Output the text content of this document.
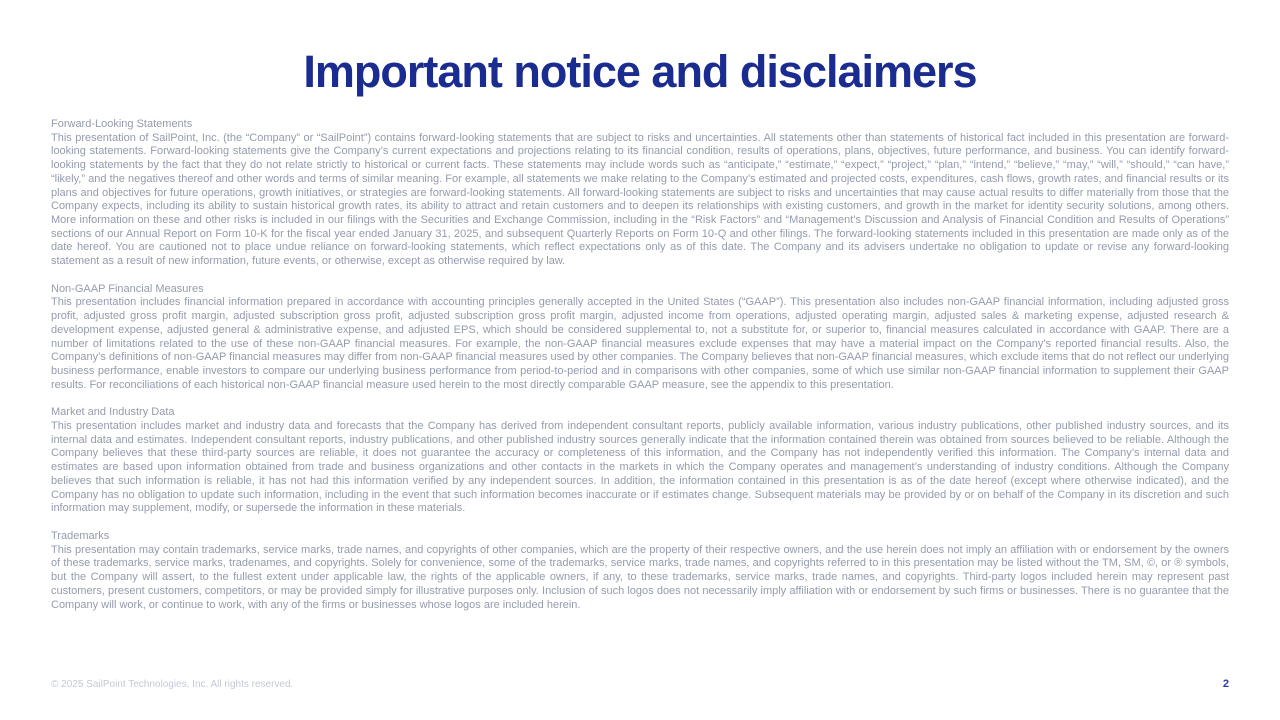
Important notice and disclaimers
Forward-Looking Statements

This presentation of SailPoint, Inc. (the “Company” or “SailPoint”) contains forward-looking statements that are subject to risks and uncertainties. All statements other than statements of historical fact included in this presentation are forward-looking statements. Forward-looking statements give the Company’s current expectations and projections relating to its financial condition, results of operations, plans, objectives, future performance, and business. You can identify forward-looking statements by the fact that they do not relate strictly to historical or current facts. These statements may include words such as “anticipate,” “estimate,” “expect,” “project,” “plan,” “intend,” “believe,” “may,” “will,” “should,” “can have,” “likely,” and the negatives thereof and other words and terms of similar meaning. For example, all statements we make relating to the Company’s estimated and projected costs, expenditures, cash flows, growth rates, and financial results or its plans and objectives for future operations, growth initiatives, or strategies are forward-looking statements. All forward-looking statements are subject to risks and uncertainties that may cause actual results to differ materially from those that the Company expects, including its ability to sustain historical growth rates, its ability to attract and retain customers and to deepen its relationships with existing customers, and growth in the market for identity security solutions, among others. More information on these and other risks is included in our filings with the Securities and Exchange Commission, including in the “Risk Factors” and “Management’s Discussion and Analysis of Financial Condition and Results of Operations” sections of our Annual Report on Form 10-K for the fiscal year ended January 31, 2025, and subsequent Quarterly Reports on Form 10-Q and other filings. The forward-looking statements included in this presentation are made only as of the date hereof. You are cautioned not to place undue reliance on forward-looking statements, which reflect expectations only as of this date. The Company and its advisers undertake no obligation to update or revise any forward-looking statement as a result of new information, future events, or otherwise, except as otherwise required by law.

Non-GAAP Financial Measures

This presentation includes financial information prepared in accordance with accounting principles generally accepted in the United States (“GAAP”). This presentation also includes non-GAAP financial information, including adjusted gross profit, adjusted gross profit margin, adjusted subscription gross profit, adjusted subscription gross profit margin, adjusted income from operations, adjusted operating margin, adjusted sales & marketing expense, adjusted research & development expense, adjusted general & administrative expense, and adjusted EPS, which should be considered supplemental to, not a substitute for, or superior to, financial measures calculated in accordance with GAAP. There are a number of limitations related to the use of these non-GAAP financial measures. For example, the non-GAAP financial measures exclude expenses that may have a material impact on the Company’s reported financial results. Also, the Company’s definitions of non-GAAP financial measures may differ from non-GAAP financial measures used by other companies. The Company believes that non-GAAP financial measures, which exclude items that do not reflect our underlying business performance, enable investors to compare our underlying business performance from period-to-period and in comparisons with other companies, some of which use similar non-GAAP financial information to supplement their GAAP results. For reconciliations of each historical non-GAAP financial measure used herein to the most directly comparable GAAP measure, see the appendix to this presentation.

Market and Industry Data

This presentation includes market and industry data and forecasts that the Company has derived from independent consultant reports, publicly available information, various industry publications, other published industry sources, and its internal data and estimates. Independent consultant reports, industry publications, and other published industry sources generally indicate that the information contained therein was obtained from sources believed to be reliable. Although the Company believes that these third-party sources are reliable, it does not guarantee the accuracy or completeness of this information, and the Company has not independently verified this information. The Company’s internal data and estimates are based upon information obtained from trade and business organizations and other contacts in the markets in which the Company operates and management’s understanding of industry conditions. Although the Company believes that such information is reliable, it has not had this information verified by any independent sources. In addition, the information contained in this presentation is as of the date hereof (except where otherwise indicated), and the Company has no obligation to update such information, including in the event that such information becomes inaccurate or if estimates change. Subsequent materials may be provided by or on behalf of the Company in its discretion and such information may supplement, modify, or supersede the information in these materials.

Trademarks

This presentation may contain trademarks, service marks, trade names, and copyrights of other companies, which are the property of their respective owners, and the use herein does not imply an affiliation with or endorsement by the owners of these trademarks, service marks, tradenames, and copyrights. Solely for convenience, some of the trademarks, service marks, trade names, and copyrights referred to in this presentation may be listed without the TM, SM, ©, or ® symbols, but the Company will assert, to the fullest extent under applicable law, the rights of the applicable owners, if any, to these trademarks, service marks, trade names, and copyrights. Third-party logos included herein may represent past customers, present customers, competitors, or may be provided simply for illustrative purposes only. Inclusion of such logos does not necessarily imply affiliation with or endorsement by such firms or businesses. There is no guarantee that the Company will work, or continue to work, with any of the firms or businesses whose logos are included herein.

© 2025 SailPoint Technologies, Inc. All rights reserved.	2
